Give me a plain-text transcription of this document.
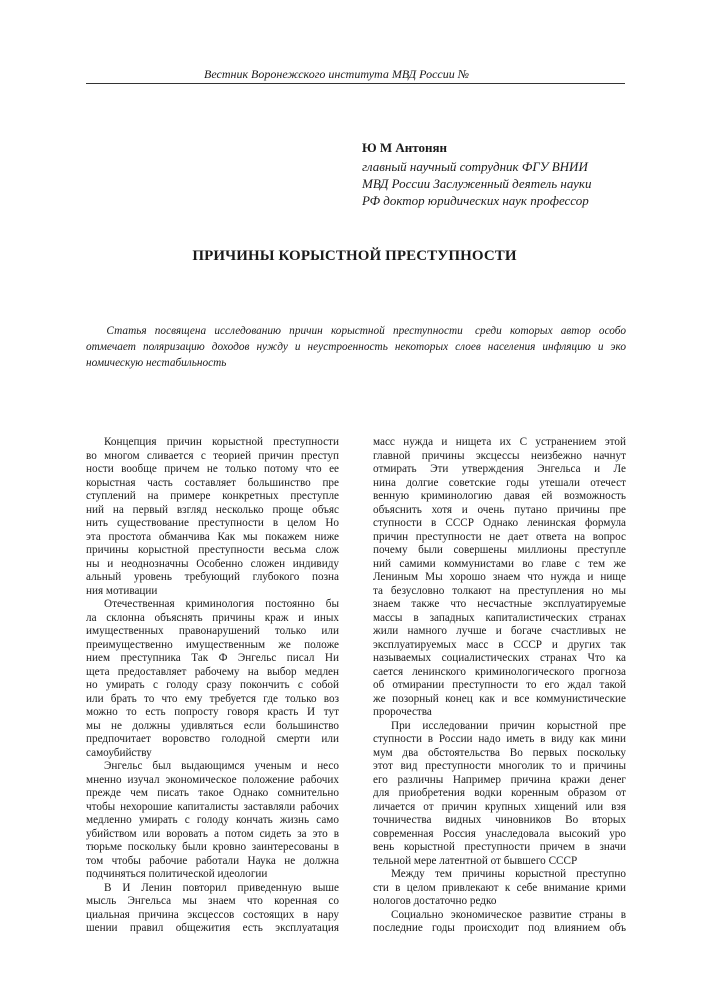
Вестник Воронежского института МВД России №
Ю М Антонян
главный научный сотрудник ФГУ ВНИИ
МВД России Заслуженный деятель науки
РФ доктор юридических наук профессор
ПРИЧИНЫ КОРЫСТНОЙ ПРЕСТУПНОСТИ
Статья  посвящена  исследованию  причин  корыстной  преступности   среди  которых  автор  особо
отмечает поляризацию доходов нужду и неустроенность некоторых слоев населения инфляцию и эко
номическую нестабильность
Концепция причин корыстной преступности
во многом сливается с теорией причин преступ
ности вообще причем не только потому что ее
корыстная часть составляет большинство пре
ступлений на примере конкретных преступле
ний на первый взгляд несколько проще объяс
нить существование преступности в целом Но
эта простота обманчива Как мы покажем ниже
причины корыстной преступности весьма слож
ны и неоднозначны Особенно сложен индивиду
альный уровень требующий глубокого позна
ния мотивации
Отечественная криминология постоянно бы
ла склонна объяснять причины краж и иных
имущественных правонарушений только или
преимущественно имущественным же положе
нием преступника Так Ф Энгельс писал Ни
щета предоставляет рабочему на выбор медлен
но умирать с голоду сразу покончить с собой
или брать то что ему требуется где только воз
можно то есть попросту говоря красть И тут
мы не должны удивляться если большинство
предпочитает воровство голодной смерти или
самоубийству
Энгельс был выдающимся ученым и несо
мненно изучал экономическое положение рабочих
прежде чем писать такое Однако сомнительно
чтобы нехорошие капиталисты заставляли рабочих
медленно умирать с голоду кончать жизнь само
убийством или воровать а потом сидеть за это в
тюрьме поскольку были кровно заинтересованы в
том чтобы рабочие работали Наука не должна
подчиняться политической идеологии
В И Ленин повторил приведенную выше
мысль Энгельса мы знаем что коренная со
циальная причина эксцессов состоящих в нару
шении правил общежития есть эксплуатация
масс нужда и нищета их С устранением этой
главной причины эксцессы неизбежно начнут
отмирать Эти утверждения Энгельса и Ле
нина долгие советские годы утешали отечест
венную криминологию давая ей возможность
объяснить хотя и очень путано причины пре
ступности в СССР Однако ленинская формула
причин преступности не дает ответа на вопрос
почему были совершены миллионы преступле
ний самими коммунистами во главе с тем же
Лениным Мы хорошо знаем что нужда и нище
та безусловно толкают на преступления но мы
знаем также что несчастные эксплуатируемые
массы в западных капиталистических странах
жили намного лучше и богаче счастливых не
эксплуатируемых масс в СССР и других так
называемых социалистических странах Что ка
сается ленинского криминологического прогноза
об отмирании преступности то его ждал такой
же позорный конец как и все коммунистические
пророчества
При исследовании причин корыстной пре
ступности в России надо иметь в виду как мини
мум два обстоятельства Во первых поскольку
этот вид преступности многолик то и причины
его различны Например причина кражи денег
для приобретения водки коренным образом от
личается от причин крупных хищений или взя
точничества видных чиновников Во вторых
современная Россия унаследовала высокий уро
вень корыстной преступности причем в значи
тельной мере латентной от бывшего СССР
Между тем причины корыстной преступно
сти в целом привлекают к себе внимание крими
нологов достаточно редко
Социально экономическое развитие страны в
последние годы происходит под влиянием объ
